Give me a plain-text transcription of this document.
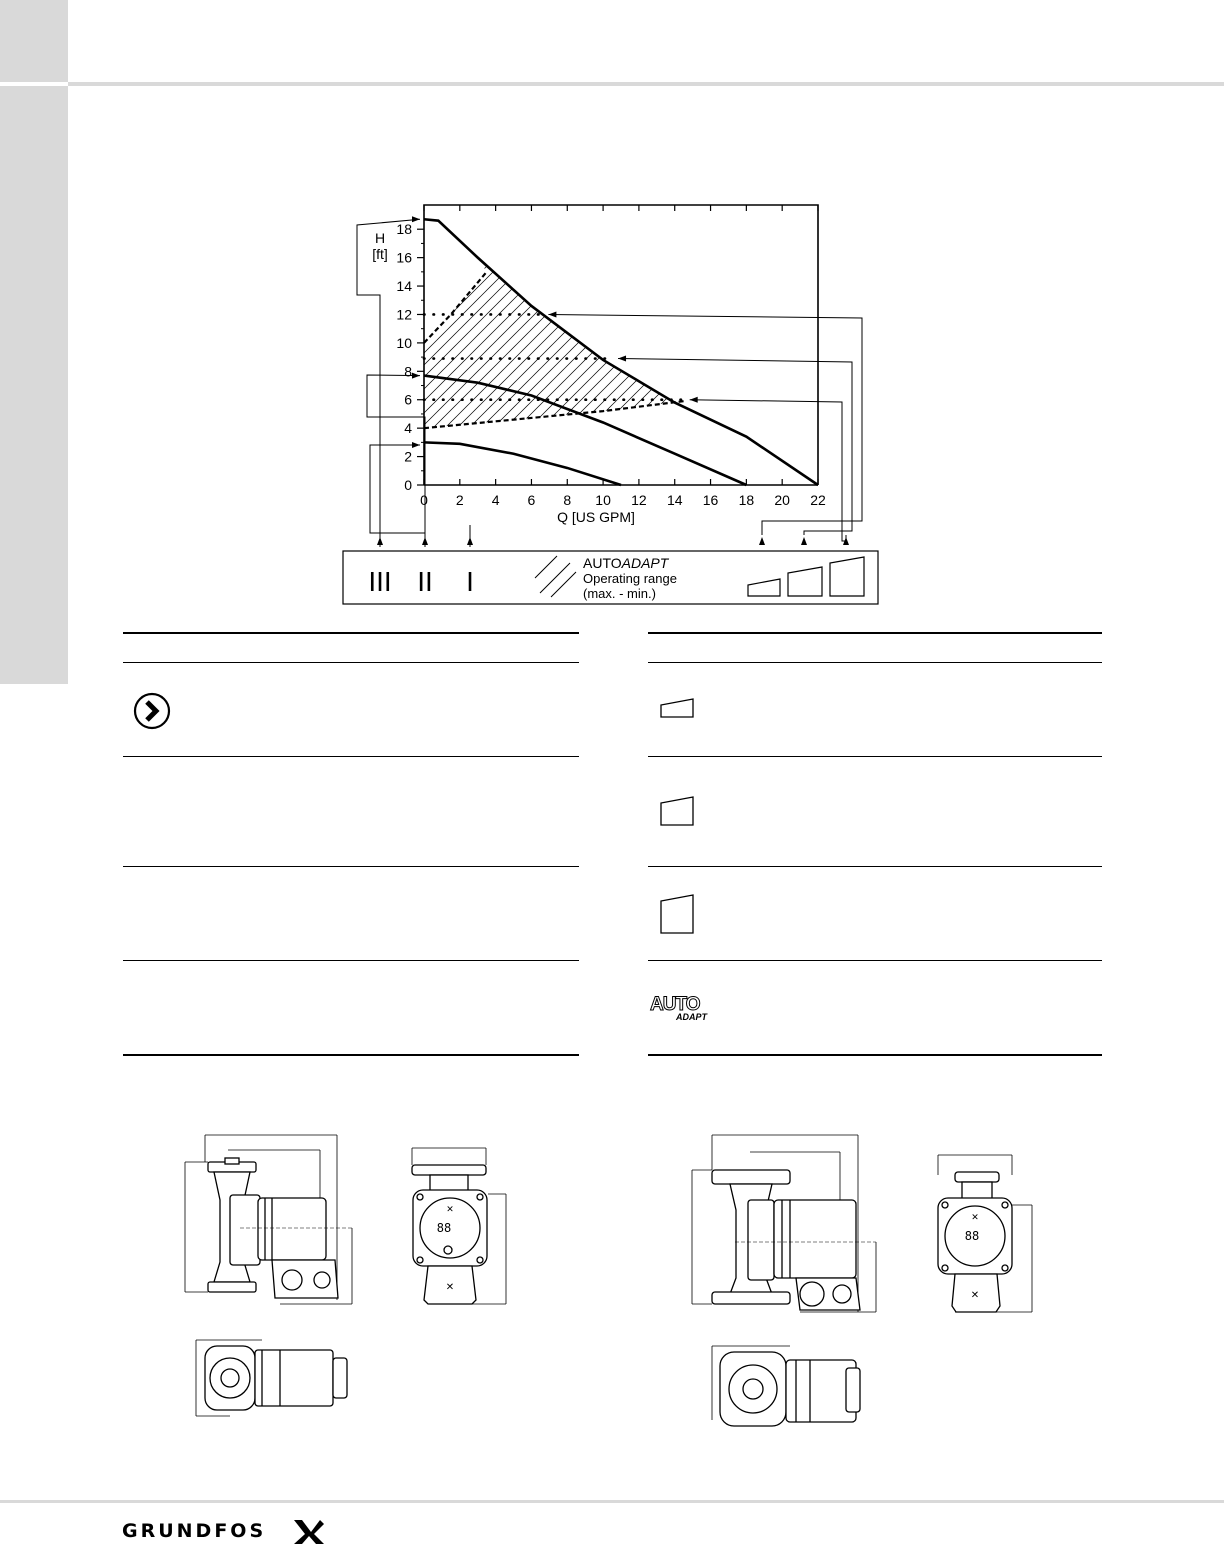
0 2 4 6 8 10 12 14 16 18 20 22
0
2
4
6
8
10
12
14
16
18
Q [US GPM]
H
[ft]
III II I
AUTOADAPT
Operating range
(max. - min.)
AUTO
ADAPT
✕
88
✕
✕
88
✕
GRUNDFOS
